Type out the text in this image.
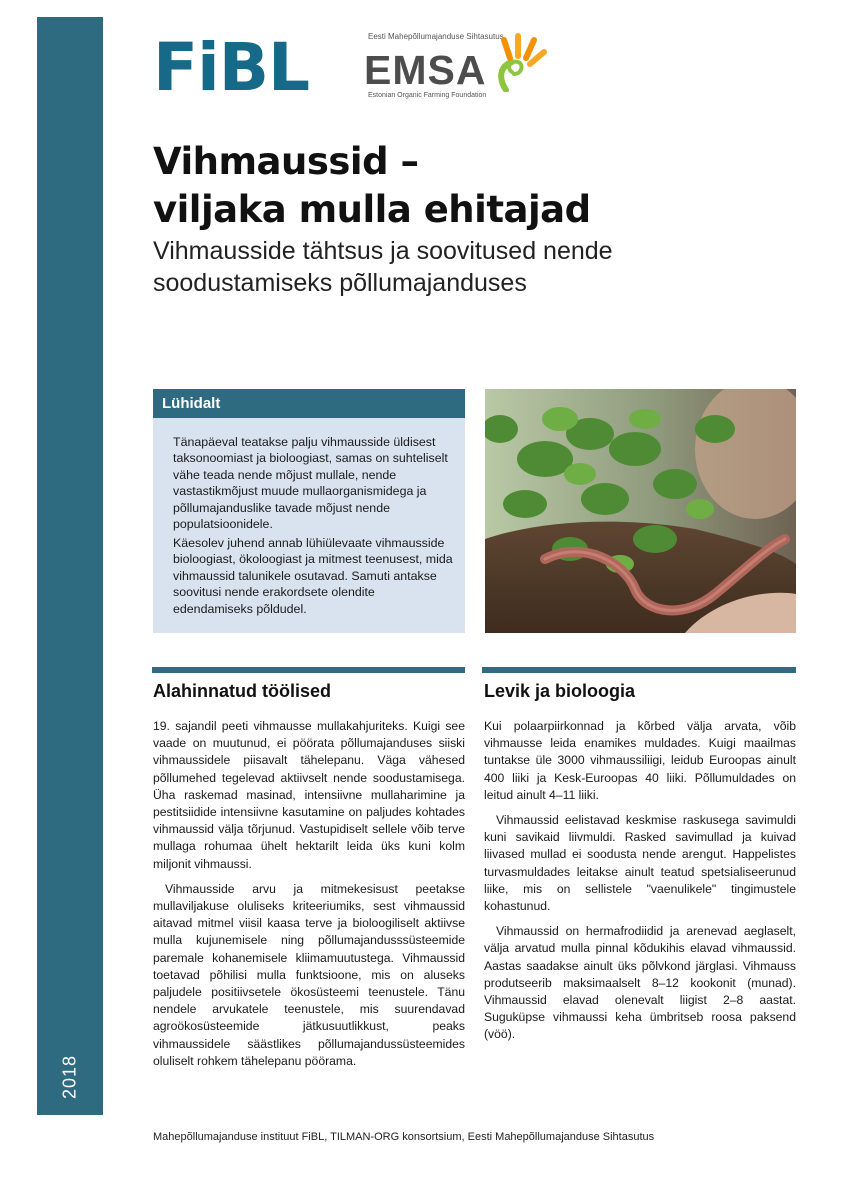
2018
FiBL	Eesti Mahepõllumajanduse Sihtasutus
EMSA
Estonian Organic Farming Foundation
Vihmaussid –
viljaka mulla ehitajad
Vihmausside tähtsus ja soovitused nende soodustamiseks põllumajanduses
Lühidalt

Tänapäeval teatakse palju vihmausside üldisest taksonoomiast ja bioloogiast, samas on suhteliselt vähe teada nende mõjust mullale, nende vastastikmõjust muude mullaorganismidega ja põllumajanduslike tavade mõjust nende populatsioonidele.

Käesolev juhend annab lühiülevaate vihmausside bioloogiast, ökoloogiast ja mitmest teenusest, mida vihmaussid talunikele osutavad. Samuti antakse soovitusi nende erakordsete olendite edendamiseks põldudel.

Alahinnatud töölised	Levik ja bioloogia

19. sajandil peeti vihmausse mullakahjuriteks. Kuigi see vaade on muutunud, ei pöörata põllumajanduses siiski vihmaussidele piisavalt tähelepanu. Väga vähesed põllumehed tegelevad aktiivselt nende soodustamisega. Üha raskemad masinad, intensiivne mullaharimine ja pestitsiidide intensiivne kasutamine on paljudes kohtades vihmaussid välja tõrjunud. Vastupidiselt sellele võib terve mullaga rohumaa ühelt hektarilt leida üks kuni kolm miljonit vihmaussi.

Vihmausside arvu ja mitmekesisust peetakse mullaviljakuse oluliseks kriteeriumiks, sest vihmaussid aitavad mitmel viisil kaasa terve ja bioloogiliselt aktiivse mulla kujunemisele ning põllumajandusssüsteemide paremale kohanemisele kliimamuutustega. Vihmaussid toetavad põhilisi mulla funktsioone, mis on aluseks paljudele positiivsetele ökosüsteemi teenustele. Tänu nendele arvukatele teenustele, mis suurendavad agroökosüsteemide jätkusuutlikkust, peaks vihmaussidele säästlikes põllumajandussüsteemides oluliselt rohkem tähelepanu pöörama.

Kui polaarpiirkonnad ja kõrbed välja arvata, võib vihmausse leida enamikes muldades. Kuigi maailmas tuntakse üle 3000 vihmaussiliigi, leidub Euroopas ainult 400 liiki ja Kesk-Euroopas 40 liiki. Põllumuldades on leitud ainult 4–11 liiki.

Vihmaussid eelistavad keskmise raskusega savimuldi kuni savikaid liivmuldi. Rasked savimullad ja kuivad liivased mullad ei soodusta nende arengut. Happelistes turvasmuldades leitakse ainult teatud spetsialiseerunud liike, mis on sellistele "vaenulikele" tingimustele kohastunud.

Vihmaussid on hermafrodiidid ja arenevad aeglaselt, välja arvatud mulla pinnal kõdukihis elavad vihmaussid. Aastas saadakse ainult üks põlvkond järglasi. Vihmauss produtseerib maksimaalselt 8–12 kookonit (munad). Vihmaussid elavad olenevalt liigist 2–8 aastat. Suguküpse vihmaussi keha ümbritseb roosa paksend (vöö).

Mahepõllumajanduse instituut FiBL, TILMAN-ORG konsortsium, Eesti Mahepõllumajanduse Sihtasutus
